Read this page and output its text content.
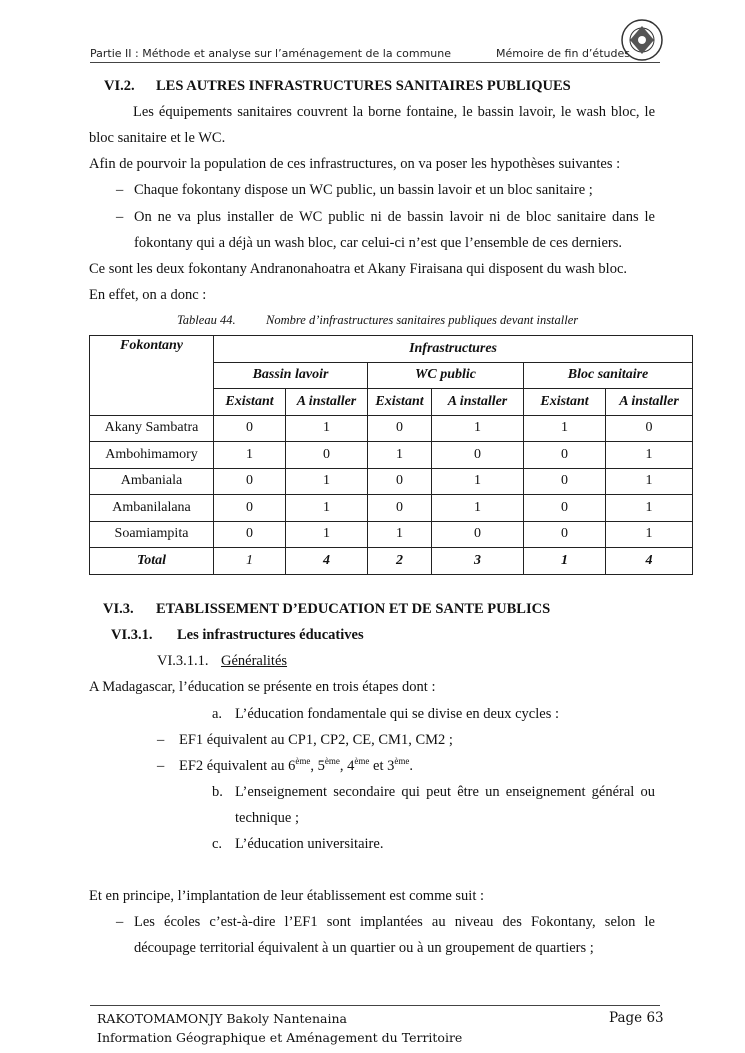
Partie II : Méthode et analyse sur l’aménagement de la commune	Mémoire de fin d’études
VI.2. LES AUTRES INFRASTRUCTURES SANITAIRES PUBLIQUES
Les équipements sanitaires couvrent la borne fontaine, le bassin lavoir, le wash bloc, le
bloc sanitaire et le WC.
Afin de pourvoir la population de ces infrastructures, on va poser les hypothèses suivantes :
– Chaque fokontany dispose un WC public, un bassin lavoir et un bloc sanitaire ;
– On ne va plus installer de WC public ni de bassin lavoir ni de bloc sanitaire dans le
fokontany qui a déjà un wash bloc, car celui-ci n’est que l’ensemble de ces derniers.
Ce sont les deux fokontany Andranonahoatra et Akany Firaisana qui disposent du wash bloc.
En effet, on a donc :
Tableau 44. Nombre d’infrastructures sanitaires publiques devant installer
Fokontany	Infrastructures					
	Bassin lavoir		WC public		Bloc sanitaire	
	Existant	A installer	Existant	A installer	Existant	A installer
Akany Sambatra	0	1	0	1	1	0
Ambohimamory	1	0	1	0	0	1
Ambaniala	0	1	0	1	0	1
Ambanilalana	0	1	0	1	0	1
Soamiampita	0	1	1	0	0	1
Total	1	4	2	3	1	4
VI.3. ETABLISSEMENT D’EDUCATION ET DE SANTE PUBLICS
VI.3.1. Les infrastructures éducatives
VI.3.1.1. Généralités
A Madagascar, l’éducation se présente en trois étapes dont :
a. L’éducation fondamentale qui se divise en deux cycles :
– EF1 équivalent au CP1, CP2, CE, CM1, CM2 ;
– EF2 équivalent au 6ème, 5ème, 4ème et 3ème.
b. L’enseignement secondaire qui peut être un enseignement général ou
technique ;
c. L’éducation universitaire.
Et en principe, l’implantation de leur établissement est comme suit :
– Les écoles c’est-à-dire l’EF1 sont implantées au niveau des Fokontany, selon le
découpage territorial équivalent à un quartier ou à un groupement de quartiers ;
RAKOTOMAMONJY Bakoly Nantenaina	Page 63
Information Géographique et Aménagement du Territoire
